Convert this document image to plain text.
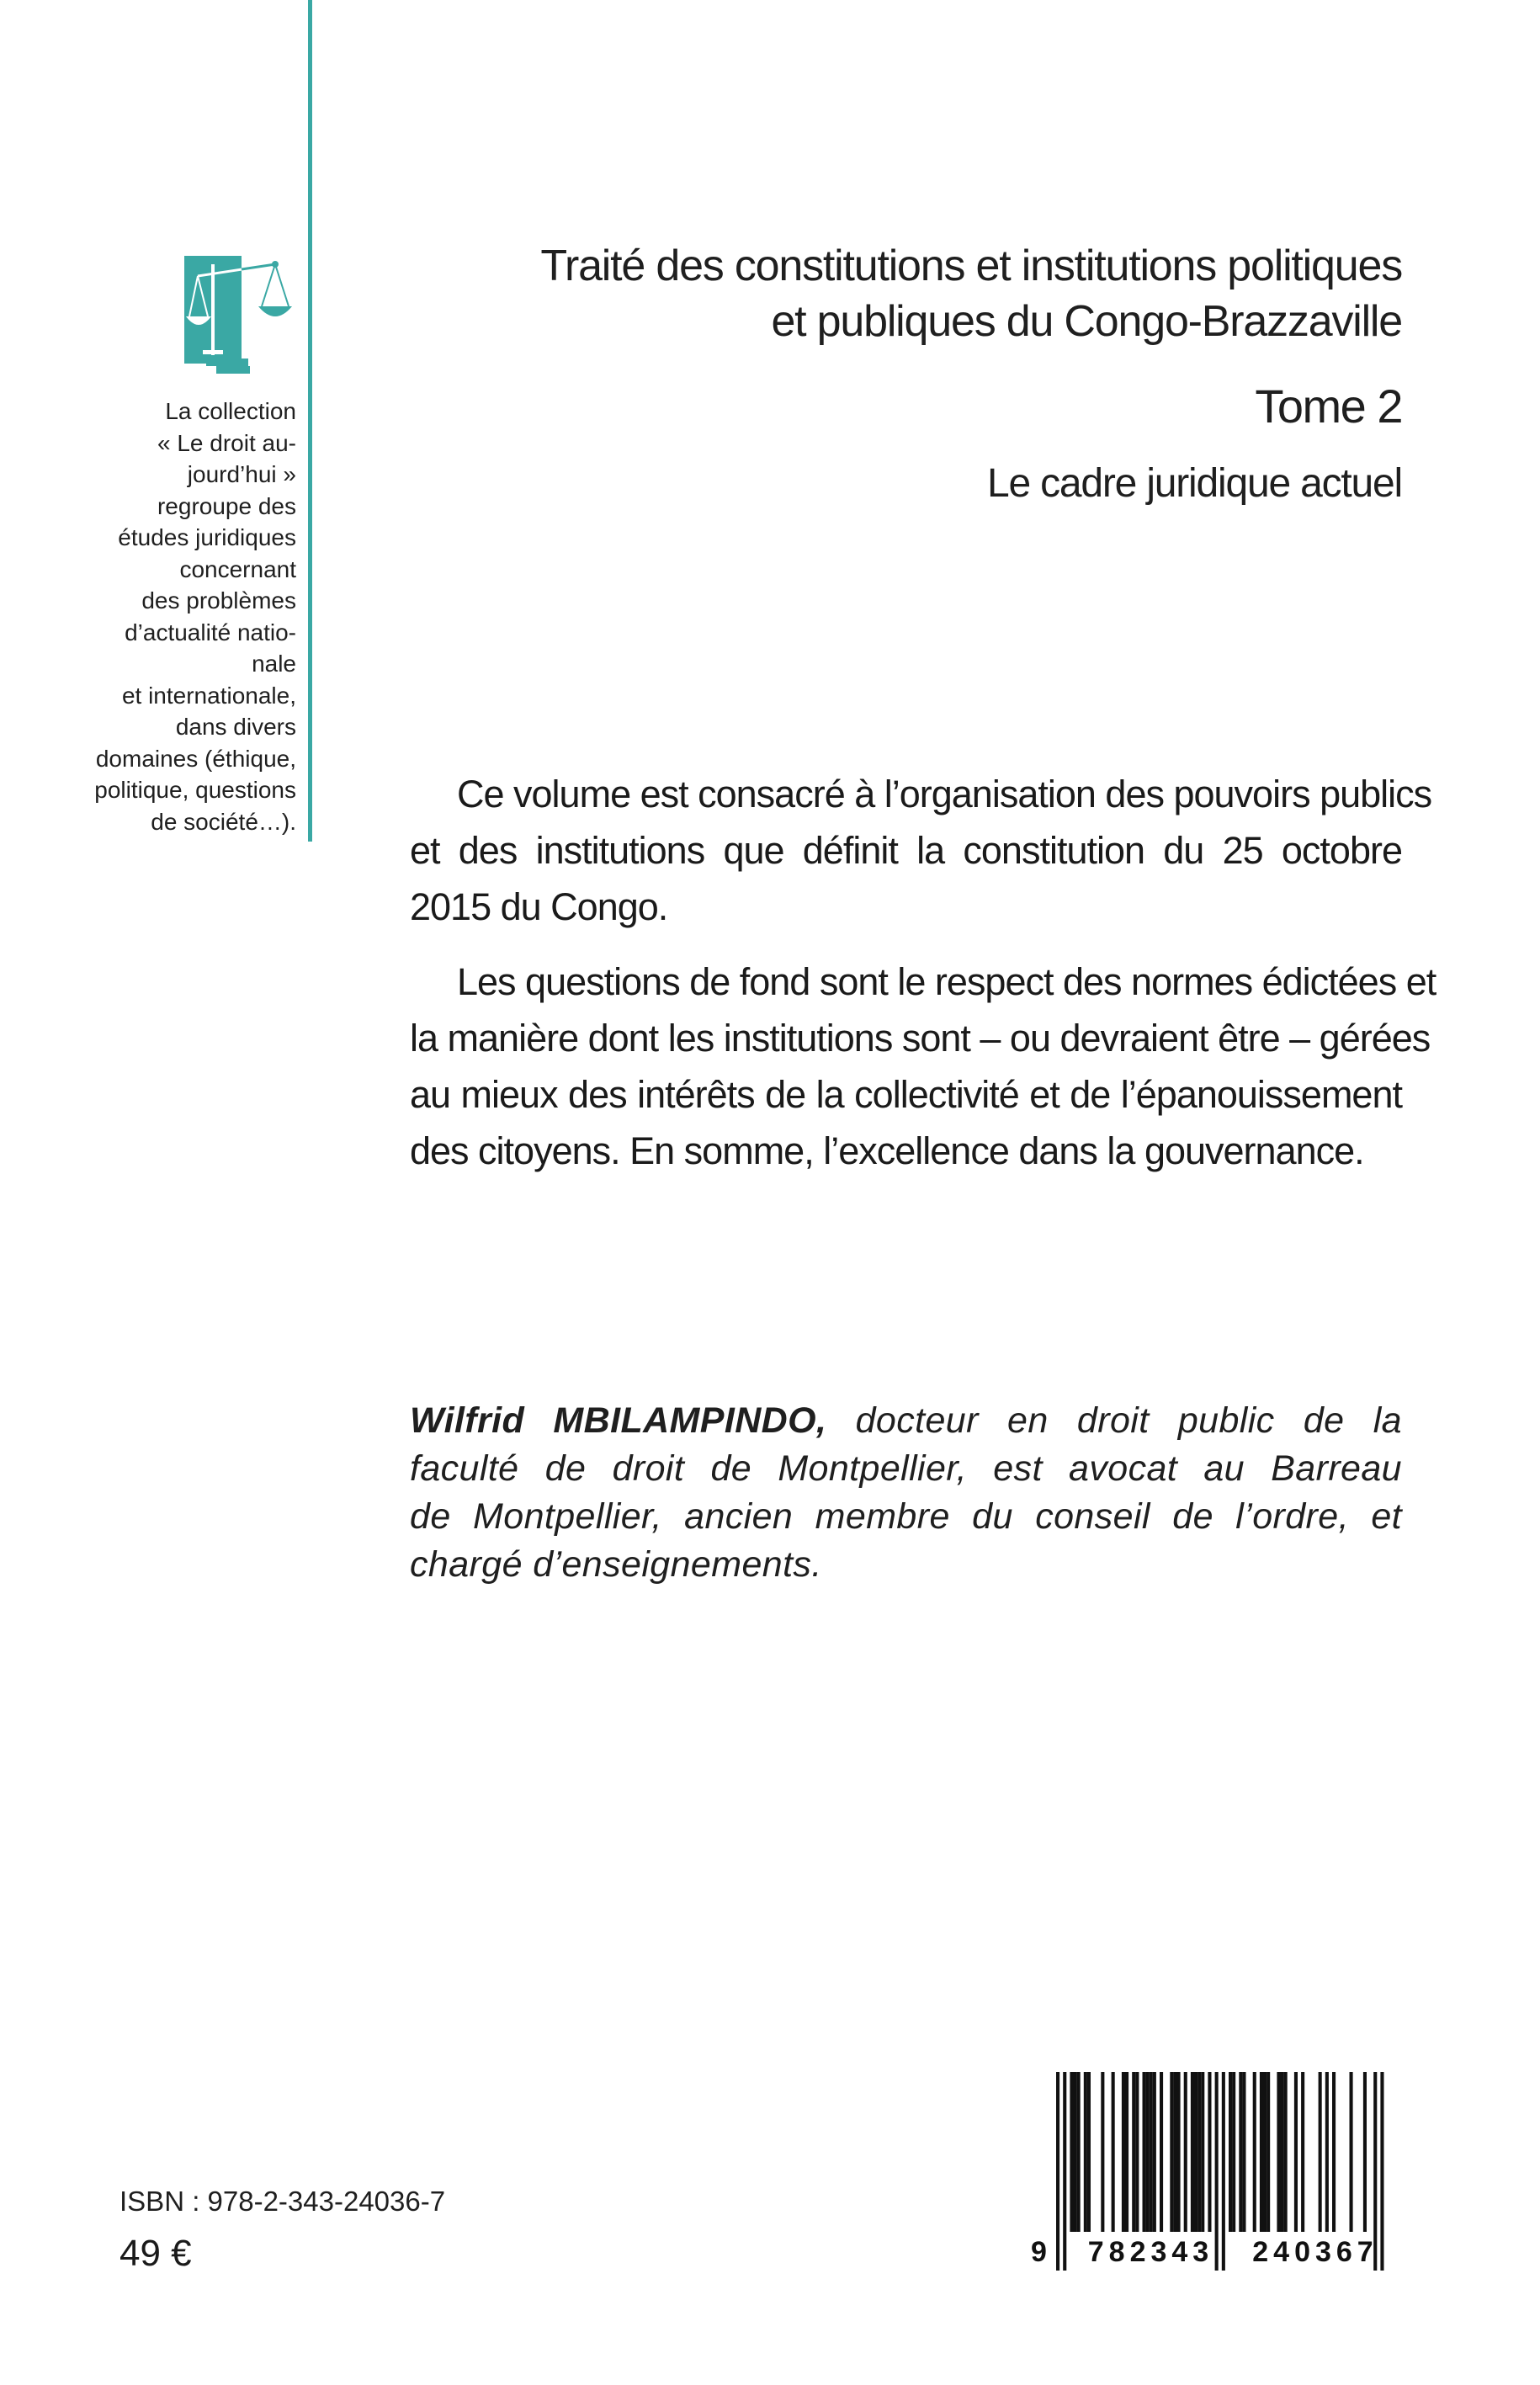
La collection
« Le droit au-
jourd’hui »
regroupe des
études juridiques
concernant
des problèmes
d’actualité natio-
nale
et internationale,
dans divers
domaines (éthique,
politique, questions
de société…).
Traité des constitutions et institutions politiques
et publiques du Congo-Brazzaville
Tome 2
Le cadre juridique actuel
Ce volume est consacré à l’organisation des pouvoirs publics
et des institutions que définit la constitution du 25 octobre
2015 du Congo.
Les questions de fond sont le respect des normes édictées et
la manière dont les institutions sont – ou devraient être – gérées
au mieux des intérêts de la collectivité et de l’épanouissement
des citoyens. En somme, l’excellence dans la gouvernance.
Wilfrid MBILAMPINDO, docteur en droit public de la
faculté de droit de Montpellier, est avocat au Barreau
de Montpellier, ancien membre du conseil de l’ordre, et
chargé d’enseignements.
ISBN : 978-2-343-24036-7
49 €	9	782343	240367
